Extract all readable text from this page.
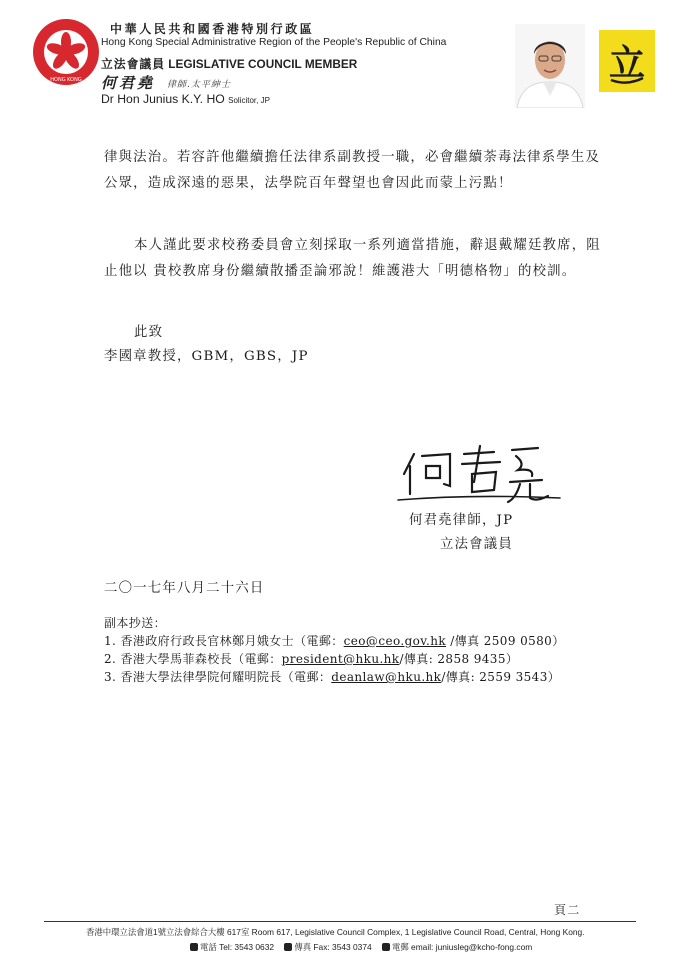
HONG KONG
中華人民共和國香港特別行政區
Hong Kong Special Administrative Region of the People's Republic of China
立法會議員 LEGISLATIVE COUNCIL MEMBER
何君堯 律師.太平紳士
Dr Hon Junius K.Y. HO Solicitor, JP
立
律與法治。若容許他繼續擔任法律系副教授一職，必會繼續荼毒法律系學生及公眾，造成深遠的惡果，法學院百年聲望也會因此而蒙上污點！
本人謹此要求校務委員會立刻採取一系列適當措施，辭退戴耀廷教席，阻止他以 貴校教席身份繼續散播歪論邪說！維護港大「明德格物」的校訓。
此致
李國章教授，GBM，GBS，JP
何君堯律師，JP
立法會議員
二〇一七年八月二十六日
副本抄送：
1. 香港政府行政長官林鄭月娥女士（電郵：ceo@ceo.gov.hk /傳真 2509 0580）
2. 香港大學馬菲森校長（電郵：president@hku.hk/傳真: 2858 9435）
3. 香港大學法律學院何耀明院長（電郵：deanlaw@hku.hk/傳真: 2559 3543）
頁二
香港中環立法會道1號立法會綜合大樓 617室 Room 617, Legislative Council Complex, 1 Legislative Council Road, Central, Hong Kong.
電話 Tel: 3543 0632 傳真 Fax: 3543 0374 電郵 email: juniusleg@kcho-fong.com
